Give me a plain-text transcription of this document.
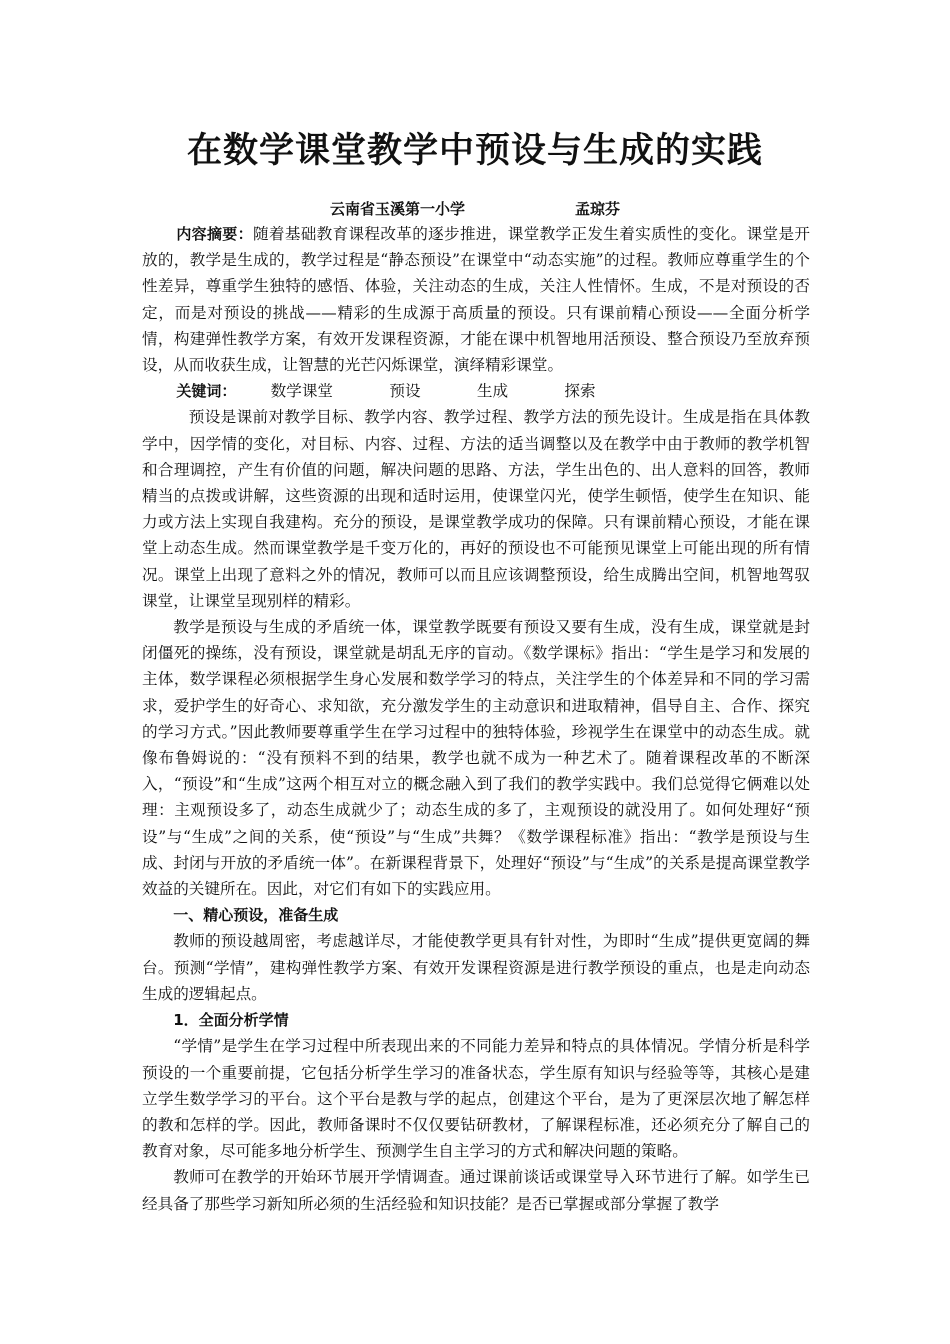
在数学课堂教学中预设与生成的实践
云南省玉溪第一小学	孟琼芬

内容摘要：随着基础教育课程改革的逐步推进，课堂教学正发生着实质性的变化。课堂是开放的，教学是生成的，教学过程是“静态预设”在课堂中“动态实施”的过程。教师应尊重学生的个性差异，尊重学生独特的感悟、体验，关注动态的生成，关注人性情怀。生成，不是对预设的否定，而是对预设的挑战——精彩的生成源于高质量的预设。只有课前精心预设——全面分析学情，构建弹性教学方案，有效开发课程资源，才能在课中机智地用活预设、整合预设乃至放弃预设，从而收获生成，让智慧的光芒闪烁课堂，演绎精彩课堂。

关键词： 数学课堂	预设	生成	探索

预设是课前对教学目标、教学内容、教学过程、教学方法的预先设计。生成是指在具体教学中，因学情的变化，对目标、内容、过程、方法的适当调整以及在教学中由于教师的教学机智和合理调控，产生有价值的问题，解决问题的思路、方法，学生出色的、出人意料的回答，教师精当的点拨或讲解，这些资源的出现和适时运用，使课堂闪光，使学生顿悟，使学生在知识、能力或方法上实现自我建构。充分的预设，是课堂教学成功的保障。只有课前精心预设，才能在课堂上动态生成。然而课堂教学是千变万化的，再好的预设也不可能预见课堂上可能出现的所有情况。课堂上出现了意料之外的情况，教师可以而且应该调整预设，给生成腾出空间，机智地驾驭课堂，让课堂呈现别样的精彩。

教学是预设与生成的矛盾统一体，课堂教学既要有预设又要有生成，没有生成，课堂就是封闭僵死的操练，没有预设，课堂就是胡乱无序的盲动。《数学课标》指出：“学生是学习和发展的主体，数学课程必须根据学生身心发展和数学学习的特点，关注学生的个体差异和不同的学习需求，爱护学生的好奇心、求知欲，充分激发学生的主动意识和进取精神，倡导自主、合作、探究的学习方式。”因此教师要尊重学生在学习过程中的独特体验，珍视学生在课堂中的动态生成。就像布鲁姆说的：“没有预料不到的结果，教学也就不成为一种艺术了。随着课程改革的不断深入，“预设”和“生成”这两个相互对立的概念融入到了我们的教学实践中。我们总觉得它俩难以处理：主观预设多了，动态生成就少了；动态生成的多了，主观预设的就没用了。如何处理好“预设”与“生成”之间的关系，使“预设”与“生成”共舞？《数学课程标准》指出：“教学是预设与生成、封闭与开放的矛盾统一体”。在新课程背景下，处理好“预设”与“生成”的关系是提高课堂教学效益的关键所在。因此，对它们有如下的实践应用。

一、精心预设，准备生成

教师的预设越周密，考虑越详尽，才能使教学更具有针对性，为即时“生成”提供更宽阔的舞台。预测“学情”，建构弹性教学方案、有效开发课程资源是进行教学预设的重点，也是走向动态生成的逻辑起点。

1．全面分析学情

“学情”是学生在学习过程中所表现出来的不同能力差异和特点的具体情况。学情分析是科学预设的一个重要前提，它包括分析学生学习的准备状态，学生原有知识与经验等等，其核心是建立学生数学学习的平台。这个平台是教与学的起点，创建这个平台，是为了更深层次地了解怎样的教和怎样的学。因此，教师备课时不仅仅要钻研教材，了解课程标准，还必须充分了解自己的教育对象，尽可能多地分析学生、预测学生自主学习的方式和解决问题的策略。

教师可在教学的开始环节展开学情调查。通过课前谈话或课堂导入环节进行了解。如学生已经具备了那些学习新知所必须的生活经验和知识技能？是否已掌握或部分掌握了教学
